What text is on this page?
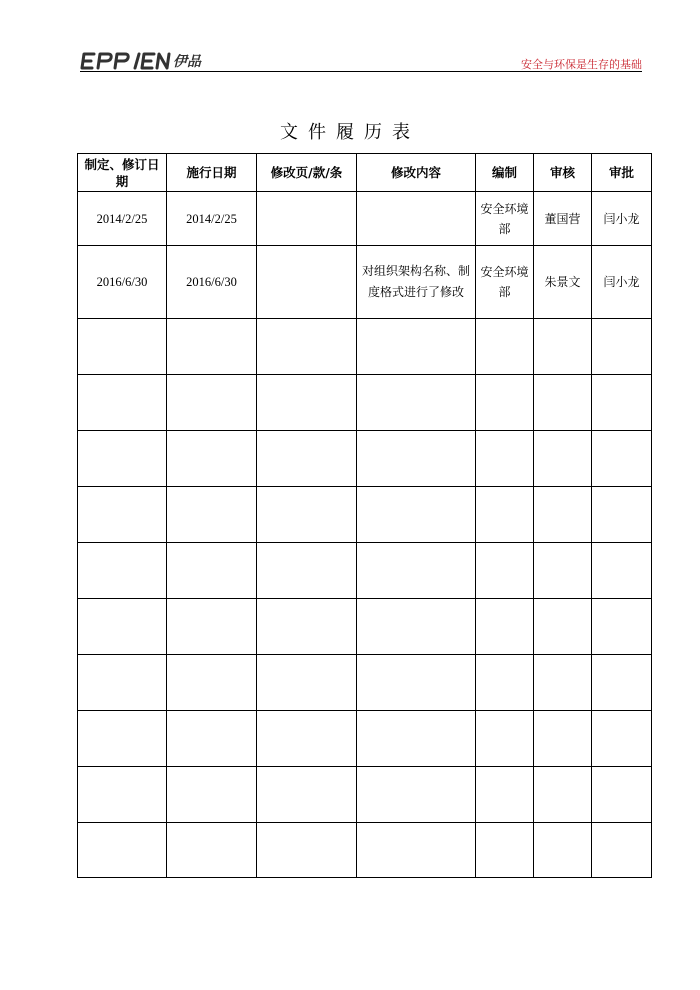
伊品	安全与环保是生存的基础
文件履历表
制定、修订日期	施行日期	修改页/款/条	修改内容	编制	审核	审批
2014/2/25	2014/2/25			安全环境部	董国营	闫小龙
2016/6/30	2016/6/30		对组织架构名称、制度格式进行了修改	安全环境部	朱景文	闫小龙
